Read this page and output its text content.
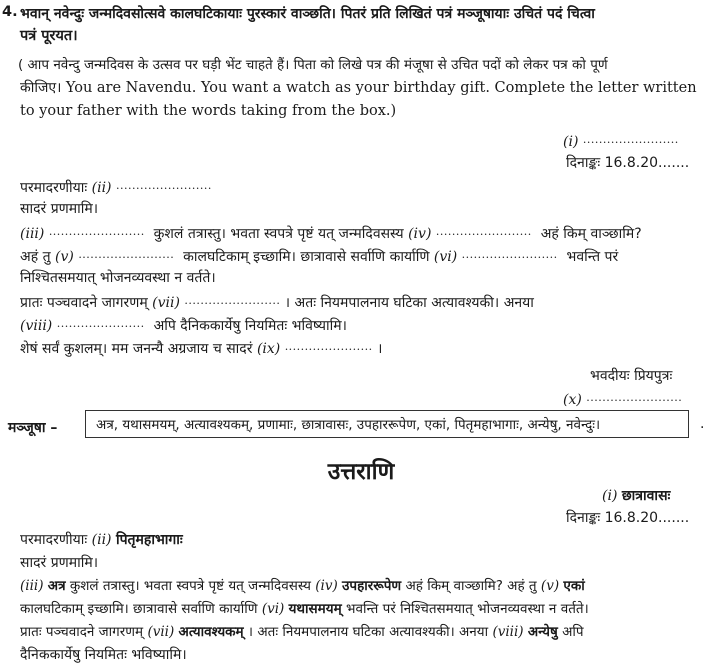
4. भवान् नवेन्दुः जन्मदिवसोत्सवे कालघटिकायाः पुरस्कारं वाञ्छति। पितरं प्रति लिखितं पत्रं मञ्जूषायाः उचितं पदं चित्वा
पत्रं पूरयत।
( आप नवेन्दु जन्मदिवस के उत्सव पर घड़ी भेंट चाहते हैं। पिता को लिखे पत्र की मंजूषा से उचित पदों को लेकर पत्र को पूर्ण
कीजिए। You are Navendu. You want a watch as your birthday gift. Complete the letter written
to your father with the words taking from the box.)
(i) ........................
दिनाङ्कः 16.8.20.......
परमादरणीयाः (ii) ........................
सादरं प्रणमामि।
(iii) ........................ कुशलं तत्रास्तु। भवता स्वपत्रे पृष्टं यत् जन्मदिवसस्य (iv) ........................ अहं किम् वाञ्छामि?
अहं तु (v) ........................ कालघटिकाम् इच्छामि। छात्रावासे सर्वाणि कार्याणि (vi) ........................ भवन्ति परं
निश्चितसमयात् भोजनव्यवस्था न वर्तते।
प्रातः पञ्चवादने जागरणम् (vii) ........................ । अतः नियमपालनाय घटिका अत्यावश्यकी। अनया
(viii) ...................... अपि दैनिककार्येषु नियमितः भविष्यामि।
शेषं सर्वं कुशलम्। मम जनन्यै अग्रजाय च सादरं (ix) ...................... ।
भवदीयः प्रियपुत्रः
(x) ........................
मञ्जूषा –	अत्र, यथासमयम्, अत्यावश्यकम्, प्रणामाः, छात्रावासः, उपहाररूपेण, एकां, पितृमहाभागाः, अन्येषु, नवेन्दुः।	·
उत्तराणि
(i) छात्रावासः
दिनाङ्कः 16.8.20.......
परमादरणीयाः (ii) पितृमहाभागाः
सादरं प्रणमामि।
(iii) अत्र कुशलं तत्रास्तु। भवता स्वपत्रे पृष्टं यत् जन्मदिवसस्य (iv) उपहाररूपेण अहं किम् वाञ्छामि? अहं तु (v) एकां
कालघटिकाम् इच्छामि। छात्रावासे सर्वाणि कार्याणि (vi) यथासमयम् भवन्ति परं निश्चितसमयात् भोजनव्यवस्था न वर्तते।
प्रातः पञ्चवादने जागरणम् (vii) अत्यावश्यकम् । अतः नियमपालनाय घटिका अत्यावश्यकी। अनया (viii) अन्येषु अपि
दैनिककार्येषु नियमितः भविष्यामि।
